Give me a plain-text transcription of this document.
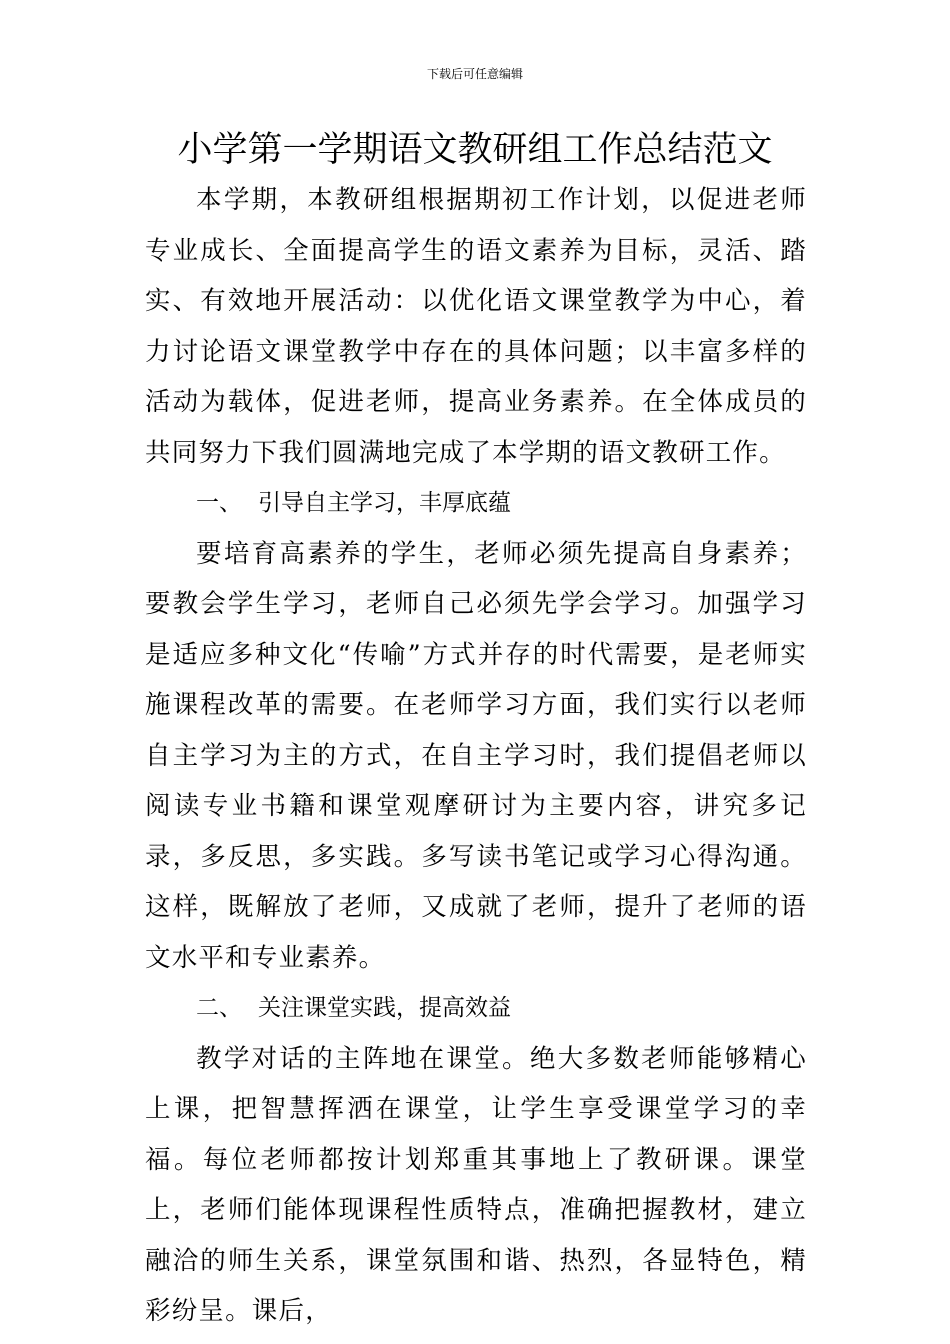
下载后可任意编辑
小学第一学期语文教研组工作总结范文

本学期，本教研组根据期初工作计划，以促进老师专业成长、全面提高学生的语文素养为目标，灵活、踏实、有效地开展活动：以优化语文课堂教学为中心，着力讨论语文课堂教学中存在的具体问题；以丰富多样的活动为载体，促进老师，提高业务素养。在全体成员的共同努力下我们圆满地完成了本学期的语文教研工作。

一、 引导自主学习，丰厚底蕴

要培育高素养的学生，老师必须先提高自身素养；要教会学生学习，老师自己必须先学会学习。加强学习是适应多种文化“传喻”方式并存的时代需要，是老师实施课程改革的需要。在老师学习方面，我们实行以老师自主学习为主的方式，在自主学习时，我们提倡老师以阅读专业书籍和课堂观摩研讨为主要内容，讲究多记录，多反思，多实践。多写读书笔记或学习心得沟通。这样，既解放了老师，又成就了老师，提升了老师的语文水平和专业素养。

二、 关注课堂实践，提高效益

教学对话的主阵地在课堂。绝大多数老师能够精心上课，把智慧挥洒在课堂，让学生享受课堂学习的幸福。每位老师都按计划郑重其事地上了教研课。课堂上，老师们能体现课程性质特点，准确把握教材，建立融洽的师生关系，课堂氛围和谐、热烈，各显特色，精彩纷呈。课后，
